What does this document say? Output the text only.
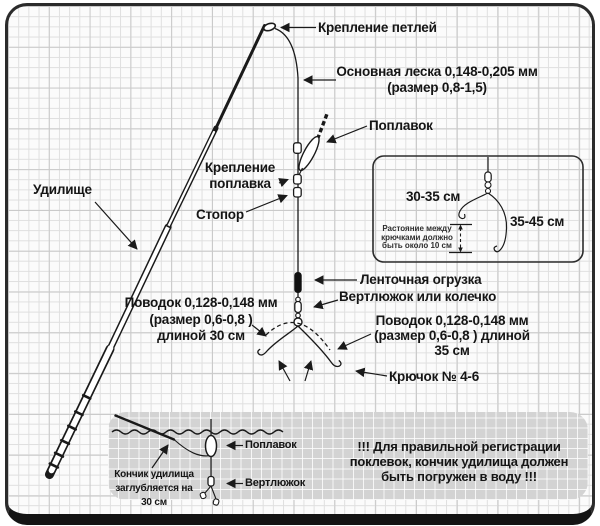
Крепление петлей
Основная леска 0,148-0,205 мм
(размер 0,8-1,5)
Поплавок
Крепление
поплавка
Стопор
Удилище
Ленточная огрузка
Вертлюжок или колечко
Поводок 0,128-0,148 мм
(размер 0,6-0,8 ) длиной
35 см
Крючок № 4-6
Поводок 0,128-0,148 мм
(размер 0,6-0,8 )
длиной 30 см
30-35 см
35-45 см
Растояние между
крючками должно
быть около 10 см
Поплавок
Вертлюжок
Кончик удилища
заглубляется на
30 см
!!! Для правильной регистрации
поклевок, кончик удилища должен
быть погружен в воду !!!
